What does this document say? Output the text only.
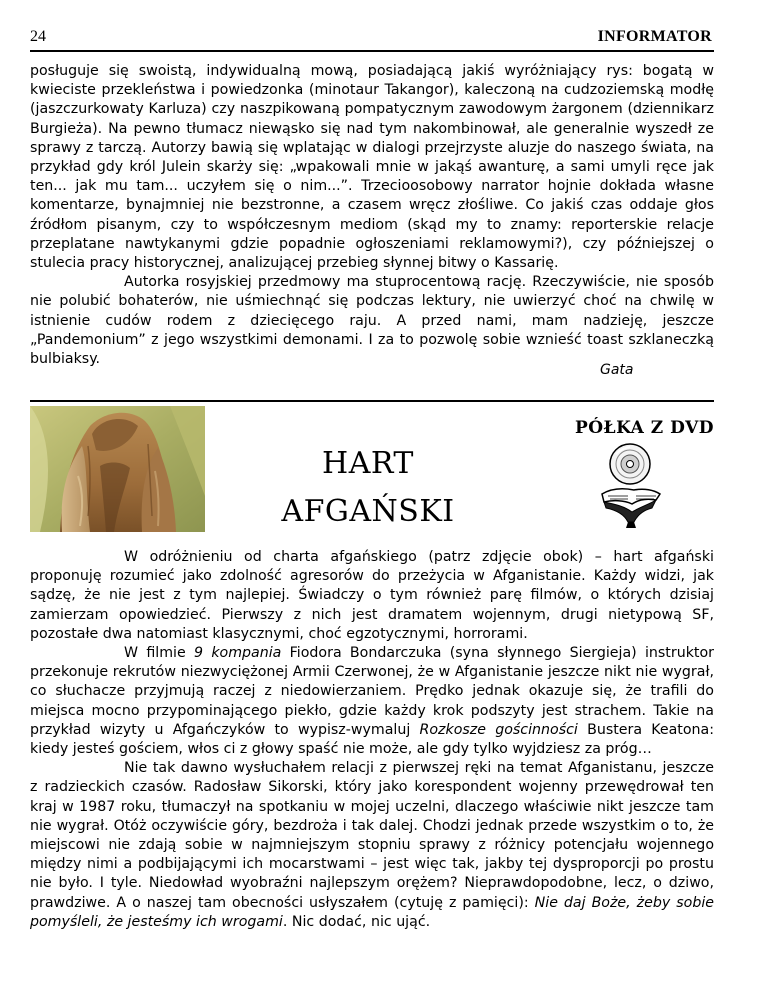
24	INFORMATOR

posługuje się swoistą, indywidualną mową, posiadającą jakiś wyróżniający rys: bogatą w kwieciste przekleństwa i powiedzonka (minotaur Takangor), kaleczoną na cudzoziemską modłę (jaszczurkowaty Karluza) czy naszpikowaną pompatycznym zawodowym żargonem (dziennikarz Burgieża). Na pewno tłumacz niewąsko się nad tym nakombinował, ale generalnie wyszedł ze sprawy z tarczą. Autorzy bawią się wplatając w dialogi przejrzyste aluzje do naszego świata, na przykład gdy król Julein skarży się: „wpakowali mnie w jakąś awanturę, a sami umyli ręce jak ten... jak mu tam... uczyłem się o nim...”. Trzecioosobowy narrator hojnie dokłada własne komentarze, bynajmniej nie bezstronne, a czasem wręcz złośliwe. Co jakiś czas oddaje głos źródłom pisanym, czy to współczesnym mediom (skąd my to znamy: reporterskie relacje przeplatane nawtykanymi gdzie popadnie ogłoszeniami reklamowymi?), czy późniejszej o stulecia pracy historycznej, analizującej przebieg słynnej bitwy o Kassarię.

Autorka rosyjskiej przedmowy ma stuprocentową rację. Rzeczywiście, nie sposób nie polubić bohaterów, nie uśmiechnąć się podczas lektury, nie uwierzyć choć na chwilę w istnienie cudów rodem z dziecięcego raju. A przed nami, mam nadzieję, jeszcze „Pandemonium” z jego wszystkimi demonami. I za to pozwolę sobie wznieść toast szklaneczką bulbiaksy.

Gata
HART
AFGAŃSKI
PÓŁKA Z DVD

W odróżnieniu od charta afgańskiego (patrz zdjęcie obok) – hart afgański proponuję rozumieć jako zdolność agresorów do przeżycia w Afganistanie. Każdy widzi, jak sądzę, że nie jest z tym najlepiej. Świadczy o tym również parę filmów, o których dzisiaj zamierzam opowiedzieć. Pierwszy z nich jest dramatem wojennym, drugi nietypową SF, pozostałe dwa natomiast klasycznymi, choć egzotycznymi, horrorami.

W filmie 9 kompania Fiodora Bondarczuka (syna słynnego Siergieja) instruktor przekonuje rekrutów niezwyciężonej Armii Czerwonej, że w Afganistanie jeszcze nikt nie wygrał, co słuchacze przyjmują raczej z niedowierzaniem. Prędko jednak okazuje się, że trafili do miejsca mocno przypominającego piekło, gdzie każdy krok podszyty jest strachem. Takie na przykład wizyty u Afgańczyków to wypisz-wymaluj Rozkosze gościnności Bustera Keatona: kiedy jesteś gościem, włos ci z głowy spaść nie może, ale gdy tylko wyjdziesz za próg…

Nie tak dawno wysłuchałem relacji z pierwszej ręki na temat Afganistanu, jeszcze z radzieckich czasów. Radosław Sikorski, który jako korespondent wojenny przewędrował ten kraj w 1987 roku, tłumaczył na spotkaniu w mojej uczelni, dlaczego właściwie nikt jeszcze tam nie wygrał. Otóż oczywiście góry, bezdroża i tak dalej. Chodzi jednak przede wszystkim o to, że miejscowi nie zdają sobie w najmniejszym stopniu sprawy z różnicy potencjału wojennego między nimi a podbijającymi ich mocarstwami – jest więc tak, jakby tej dysproporcji po prostu nie było. I tyle. Niedowład wyobraźni najlepszym orężem? Nieprawdopodobne, lecz, o dziwo, prawdziwe. A o naszej tam obecności usłyszałem (cytuję z pamięci): Nie daj Boże, żeby sobie pomyśleli, że jesteśmy ich wrogami. Nic dodać, nic ująć.
